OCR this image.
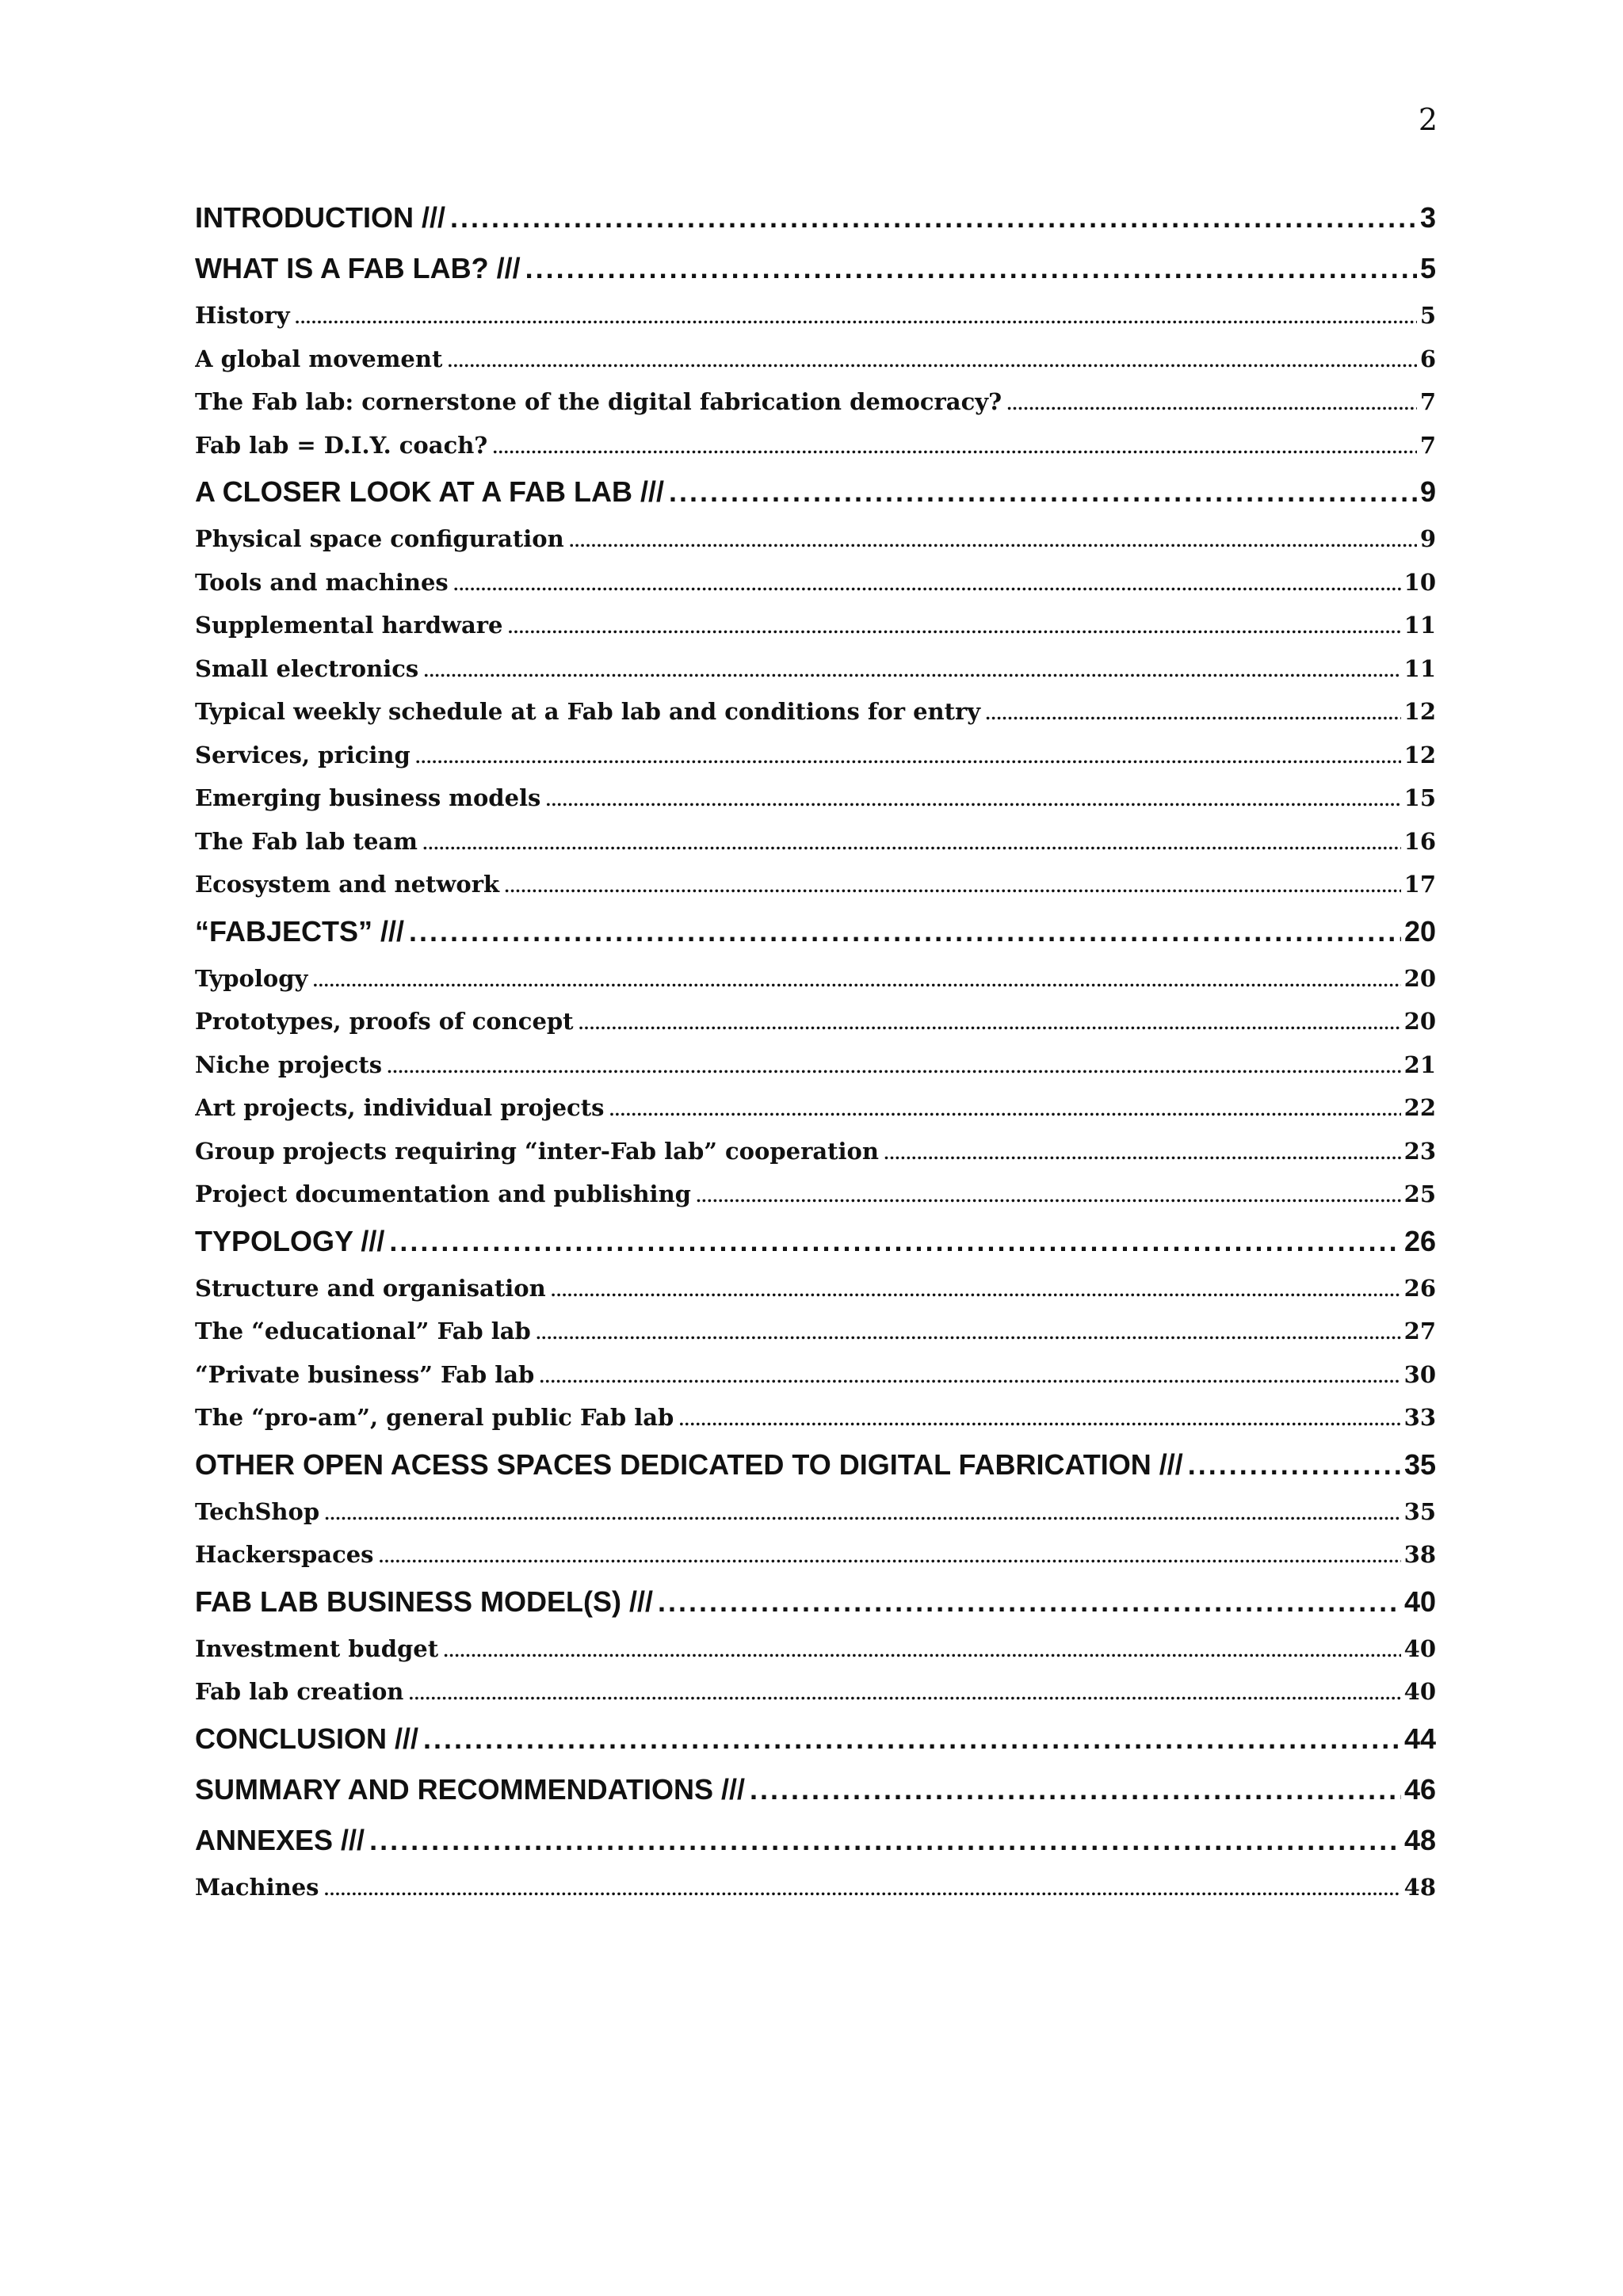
2
INTRODUCTION /// .....	3
WHAT IS A FAB LAB? /// .....	5
History .....	5
A global movement .....	6
The Fab lab: cornerstone of the digital fabrication democracy? .....	7
Fab lab = D.I.Y. coach? .....	7
A CLOSER LOOK AT A FAB LAB /// .....	9
Physical space configuration .....	9
Tools and machines .....	10
Supplemental hardware .....	11
Small electronics .....	11
Typical weekly schedule at a Fab lab and conditions for entry .....	12
Services, pricing .....	12
Emerging business models .....	15
The Fab lab team .....	16
Ecosystem and network .....	17
“FABJECTS” /// .....	20
Typology .....	20
Prototypes, proofs of concept .....	20
Niche projects .....	21
Art projects, individual projects .....	22
Group projects requiring “inter-Fab lab” cooperation .....	23
Project documentation and publishing .....	25
TYPOLOGY /// .....	26
Structure and organisation .....	26
The “educational” Fab lab .....	27
“Private business” Fab lab .....	30
The “pro-am”, general public Fab lab .....	33
OTHER OPEN ACESS SPACES DEDICATED TO DIGITAL FABRICATION /// .....	35
TechShop .....	35
Hackerspaces .....	38
FAB LAB BUSINESS MODEL(S) /// .....	40
Investment budget .....	40
Fab lab creation .....	40
CONCLUSION /// .....	44
SUMMARY AND RECOMMENDATIONS /// .....	46
ANNEXES /// .....	48
Machines .....	48
